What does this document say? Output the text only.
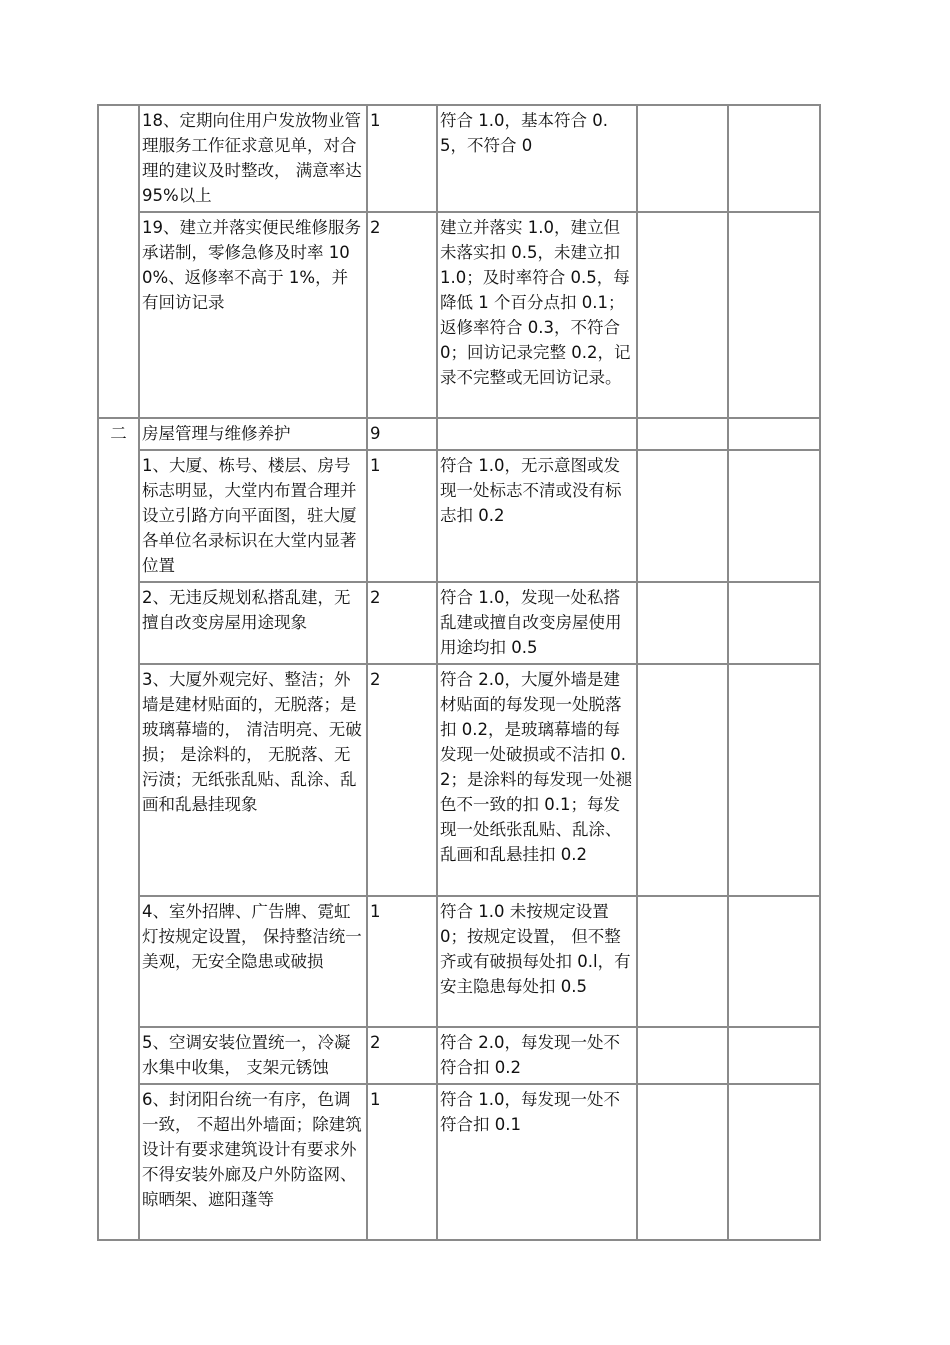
	18、定期向住用户发放物业管理服务工作征求意见单，对合理的建议及时整改， 满意率达 95%以上	1	符合 1.0，基本符合 0.5，不符合 0		
	19、建立并落实便民维修服务承诺制，零修急修及时率 100%、返修率不高于 1%，并有回访记录	2	建立并落实 1.0，建立但未落实扣 0.5，未建立扣 1.0；及时率符合 0.5，每降低 1 个百分点扣 0.1；返修率符合 0.3，不符合 0；回访记录完整 0.2，记录不完整或无回访记录。		
二	房屋管理与维修养护	9			
	1、大厦、栋号、楼层、房号标志明显，大堂内布置合理并设立引路方向平面图，驻大厦各单位名录标识在大堂内显著位置	1	符合 1.0，无示意图或发现一处标志不清或没有标志扣 0.2		
	2、无违反规划私搭乱建，无擅自改变房屋用途现象	2	符合 1.0，发现一处私搭乱建或擅自改变房屋使用用途均扣 0.5		
	3、大厦外观完好、整洁；外墙是建材贴面的，无脱落；是玻璃幕墙的， 清洁明亮、无破损； 是涂料的， 无脱落、无污渍；无纸张乱贴、乱涂、乱画和乱悬挂现象	2	符合 2.0，大厦外墙是建材贴面的每发现一处脱落扣 0.2，是玻璃幕墙的每发现一处破损或不洁扣 0.2；是涂料的每发现一处褪色不一致的扣 0.1；每发现一处纸张乱贴、乱涂、乱画和乱悬挂扣 0.2		
	4、室外招牌、广告牌、霓虹灯按规定设置， 保持整洁统一美观，无安全隐患或破损	1	符合 1.0 未按规定设置 0；按规定设置， 但不整齐或有破损每处扣 0.l，有安主隐患每处扣 0.5		
	5、空调安装位置统一，冷凝水集中收集， 支架元锈蚀	2	符合 2.0，每发现一处不符合扣 0.2		
	6、封闭阳台统一有序，色调一致， 不超出外墙面；除建筑设计有要求建筑设计有要求外不得安装外廊及户外防盗网、 晾晒架、遮阳蓬等	1	符合 1.0，每发现一处不符合扣 0.1		
